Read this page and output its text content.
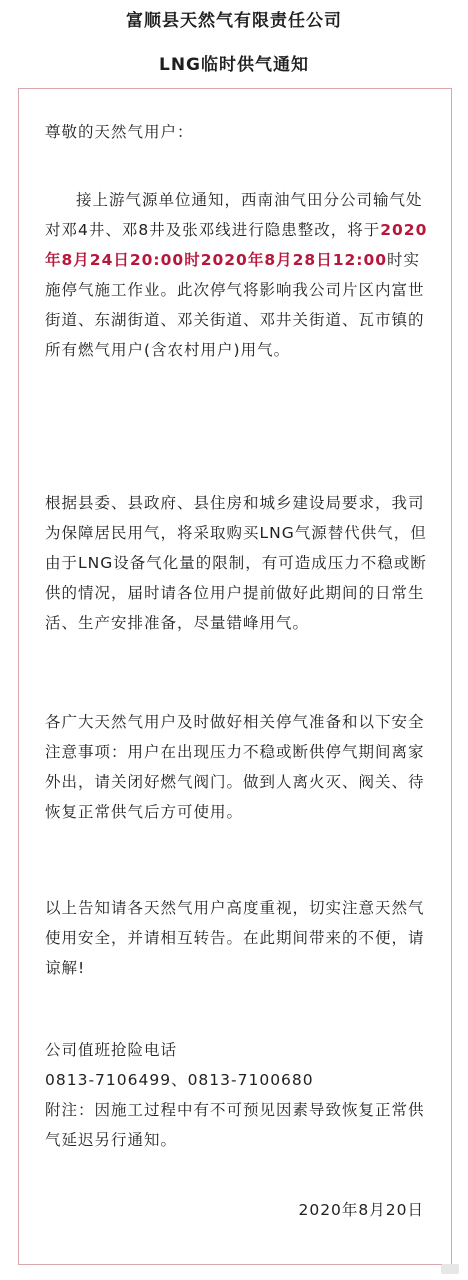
富顺县天然气有限责任公司
LNG临时供气通知

尊敬的天然气用户：

接上游气源单位通知，西南油气田分公司输气处对邓4井、邓8井及张邓线进行隐患整改，将于2020年8月24日20:00时2020年8月28日12:00时实施停气施工作业。此次停气将影响我公司片区内富世街道、东湖街道、邓关街道、邓井关街道、瓦市镇的所有燃气用户(含农村用户)用气。

根据县委、县政府、县住房和城乡建设局要求，我司为保障居民用气，将采取购买LNG气源替代供气，但由于LNG设备气化量的限制，有可造成压力不稳或断供的情况，届时请各位用户提前做好此期间的日常生活、生产安排准备，尽量错峰用气。

各广大天然气用户及时做好相关停气准备和以下安全注意事项：用户在出现压力不稳或断供停气期间离家外出，请关闭好燃气阀门。做到人离火灭、阀关、待恢复正常供气后方可使用。

以上告知请各天然气用户高度重视，切实注意天然气使用安全，并请相互转告。在此期间带来的不便，请谅解!

公司值班抢险电话

0813-7106499、0813-7100680

附注：因施工过程中有不可预见因素导致恢复正常供气延迟另行通知。

2020年8月20日
